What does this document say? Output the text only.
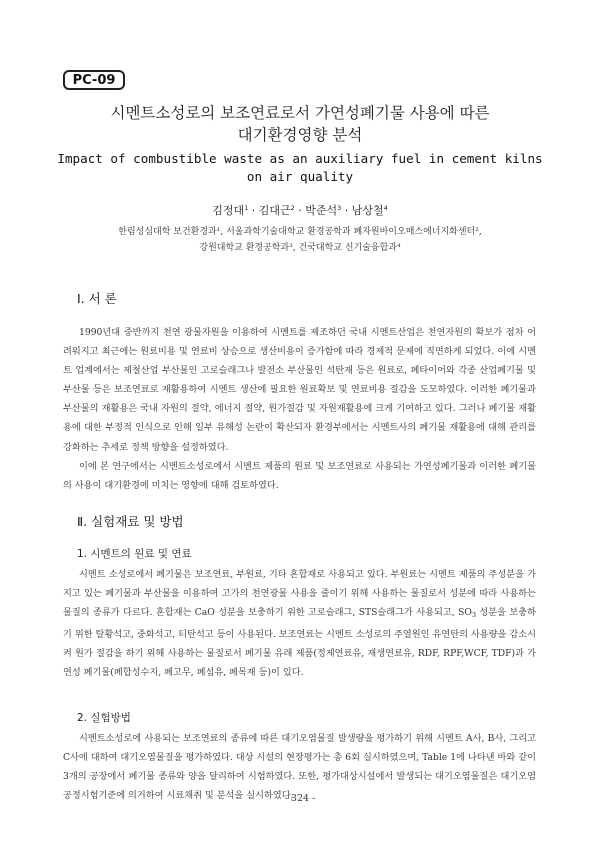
PC-09
시멘트소성로의 보조연료로서 가연성폐기물 사용에 따른
대기환경영향 분석
Impact of combustible waste as an auxiliary fuel in cement kilns
on air quality
김정대$^1$ · 김대근$^2$ · 박준석$^3$ · 남상철$^4$
한림성심대학 보건환경과¹, 서울과학기술대학교 환경공학과 폐자원바이오매스에너지화센터²,
강원대학교 환경공학과³, 건국대학교 신기술융합과⁴
Ⅰ. 서 론

1990년대 중반까지 천연 광물자원을 이용하여 시멘트를 제조하던 국내 시멘트산업은 천연자원의 확보가 점차 어려워지고 최근에는 원료비용 및 연료비 상승으로 생산비용이 증가함에 따라 경제적 문제에 직면하게 되었다. 이에 시멘트 업계에서는 제철산업 부산물인 고로슬래그나 발전소 부산물인 석탄재 등은 원료로, 폐타이어와 각종 산업폐기물 및 부산물 등은 보조연료로 재활용하여 시멘트 생산에 필요한 원료확보 및 연료비용 절감을 도모하였다. 이러한 폐기물과 부산물의 재활용은 국내 자원의 절약, 에너지 절약, 원가절감 및 자원재활용에 크게 기여하고 있다. 그러나 폐기물 재활용에 대한 부정적 인식으로 인해 일부 유해성 논란이 확산되자 환경부에서는 시멘트사의 폐기물 재활용에 대해 관리를 강화하는 추세로 정책 방향을 설정하였다.

이에 본 연구에서는 시멘트소성로에서 시멘트 제품의 원료 및 보조연료로 사용되는 가연성폐기물과 이러한 폐기물의 사용이 대기환경에 미치는 영향에 대해 검토하였다.

Ⅱ. 실험재료 및 방법
1. 시멘트의 원료 및 연료

시멘트 소성로에서 폐기물은 보조연료, 부원료, 기타 혼합재로 사용되고 있다. 부원료는 시멘트 제품의 주성분을 가지고 있는 폐기물과 부산물을 이용하여 고가의 천연광물 사용을 줄이기 위해 사용하는 물질로서 성분에 따라 사용하는 물질의 종류가 다르다. 혼합재는 CaO 성분을 보충하기 위한 고로슬래그, STS슬래그가 사용되고, $SO_3$ 성분을 보충하기 위한 탈황석고, 중화석고, 티탄석고 등이 사용된다. 보조연료는 시멘트 소성로의 주열원인 유연탄의 사용량을 감소시켜 원가 절감을 하기 위해 사용하는 물질로서 폐기물 유래 제품(정제연료유, 재생연료유, RDF, RPF,WCF, TDF)과 가연성 폐기물(폐합성수지, 폐고무, 폐섬유, 폐목재 등)이 있다.

2. 실험방법

시멘트소성로에 사용되는 보조연료의 종류에 따른 대기오염물질 발생량을 평가하기 위해 시멘트 A사, B사, 그리고 C사에 대하여 대기오염물질을 평가하였다. 대상 시설의 현장평가는 총 6회 실시하였으며, Table 1에 나타낸 바와 같이 3개의 공장에서 폐기물 종류와 양을 달리하여 시험하였다. 또한, 평가대상시설에서 발생되는 대기오염물질은 대기오염공정시험기준에 의거하여 시료채취 및 분석을 실시하였다.

- 324 -
